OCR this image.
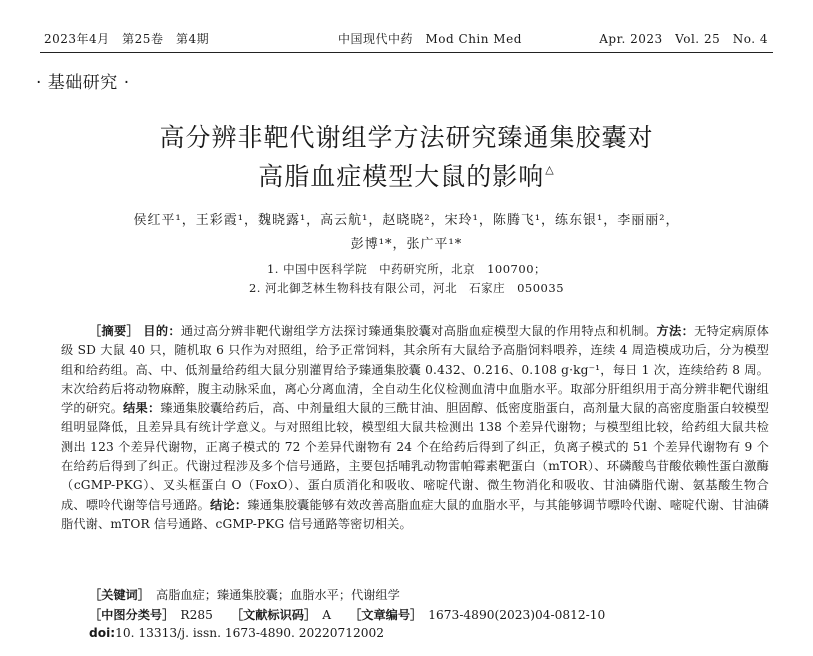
2023年4月　第25卷　第4期	中国现代中药　Mod Chin Med	Apr. 2023　Vol. 25　No. 4
· 基础研究 ·
高分辨非靶代谢组学方法研究臻通集胶囊对
高脂血症模型大鼠的影响△
侯红平¹，王彩霞¹，魏晓露¹，高云航¹，赵晓晓²，宋玲¹，陈腾飞¹，练东银¹，李丽丽²，
彭博¹*，张广平¹*
1. 中国中医科学院　中药研究所，北京　100700；
2. 河北御芝林生物科技有限公司，河北　石家庄　050035

［摘要］ 目的：通过高分辨非靶代谢组学方法探讨臻通集胶囊对高脂血症模型大鼠的作用特点和机制。方法：无特定病原体级 SD 大鼠 40 只，随机取 6 只作为对照组，给予正常饲料，其余所有大鼠给予高脂饲料喂养，连续 4 周造模成功后，分为模型组和给药组。高、中、低剂量给药组大鼠分别灌胃给予臻通集胶囊 0.432、0.216、0.108 g·kg⁻¹，每日 1 次，连续给药 8 周。末次给药后将动物麻醉，腹主动脉采血，离心分离血清，全自动生化仪检测血清中血脂水平。取部分肝组织用于高分辨非靶代谢组学的研究。结果：臻通集胶囊给药后，高、中剂量组大鼠的三酰甘油、胆固醇、低密度脂蛋白，高剂量大鼠的高密度脂蛋白较模型组明显降低，且差异具有统计学意义。与对照组比较，模型组大鼠共检测出 138 个差异代谢物；与模型组比较，给药组大鼠共检测出 123 个差异代谢物，正离子模式的 72 个差异代谢物有 24 个在给药后得到了纠正，负离子模式的 51 个差异代谢物有 9 个在给药后得到了纠正。代谢过程涉及多个信号通路，主要包括哺乳动物雷帕霉素靶蛋白（mTOR）、环磷酸鸟苷酸依赖性蛋白激酶（cGMP-PKG）、叉头框蛋白 O（FoxO）、蛋白质消化和吸收、嘧啶代谢、微生物消化和吸收、甘油磷脂代谢、氨基酸生物合成、嘌呤代谢等信号通路。结论：臻通集胶囊能够有效改善高脂血症大鼠的血脂水平，与其能够调节嘌呤代谢、嘧啶代谢、甘油磷脂代谢、mTOR 信号通路、cGMP-PKG 信号通路等密切相关。

［关键词］　 高脂血症；臻通集胶囊；血脂水平；代谢组学
［中图分类号］　 R285 ［文献标识码］　 A ［文章编号］　 1673-4890(2023)04-0812-10
doi:10. 13313/j. issn. 1673-4890. 20220712002
